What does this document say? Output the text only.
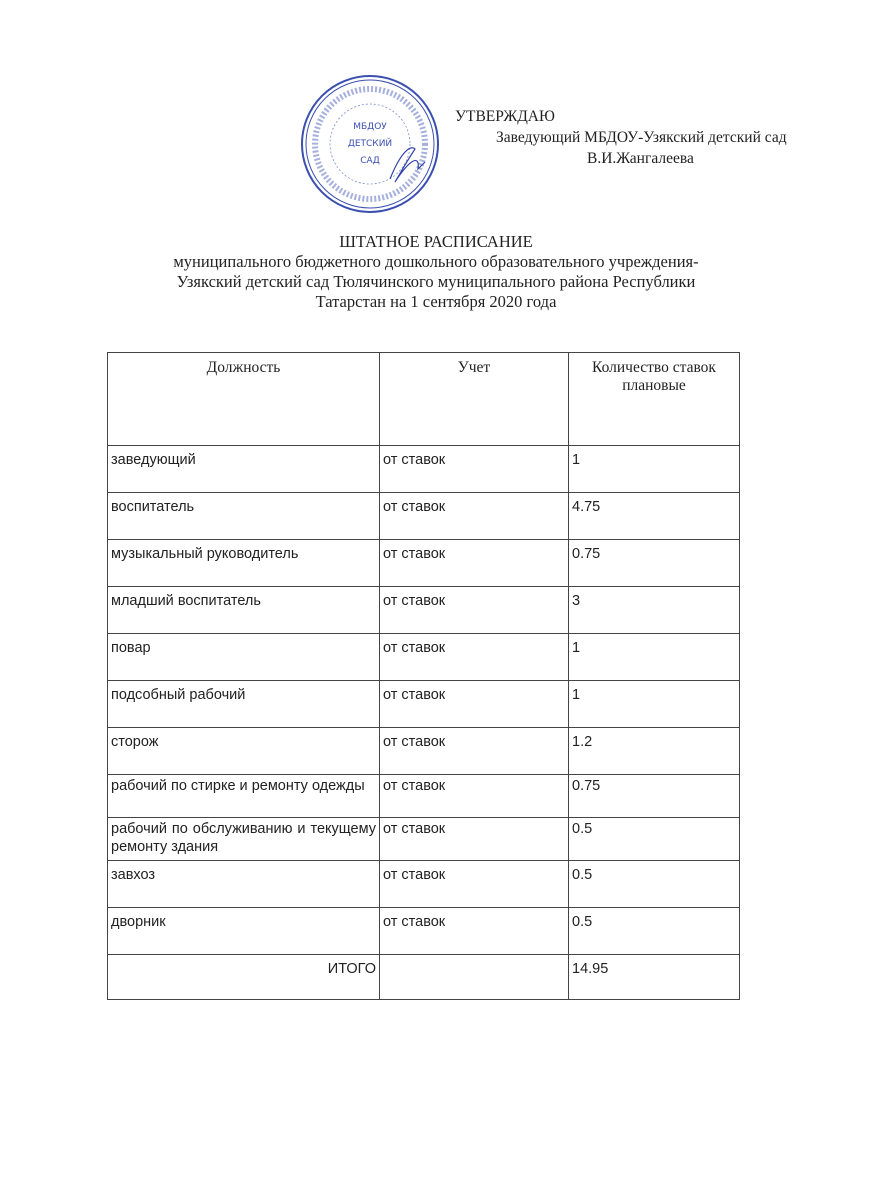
МБДОУ
ДЕТСКИЙ
САД
УТВЕРЖДАЮ
Заведующий МБДОУ-Узякский детский сад
В.И.Жангалеева
ШТАТНОЕ РАСПИСАНИЕ
муниципального бюджетного дошкольного образовательного учреждения-
Узякский детский сад Тюлячинского муниципального района Республики
Татарстан на 1 сентября 2020 года
Должность	Учет	Количество ставок плановые
заведующий	от ставок	1
воспитатель	от ставок	4.75
музыкальный руководитель	от ставок	0.75
младший воспитатель	от ставок	3
повар	от ставок	1
подсобный рабочий	от ставок	1
сторож	от ставок	1.2
рабочий по стирке и ремонту одежды	от ставок	0.75
рабочий по обслуживанию и текущему ремонту здания	от ставок	0.5
завхоз	от ставок	0.5
дворник	от ставок	0.5
ИТОГО		14.95
